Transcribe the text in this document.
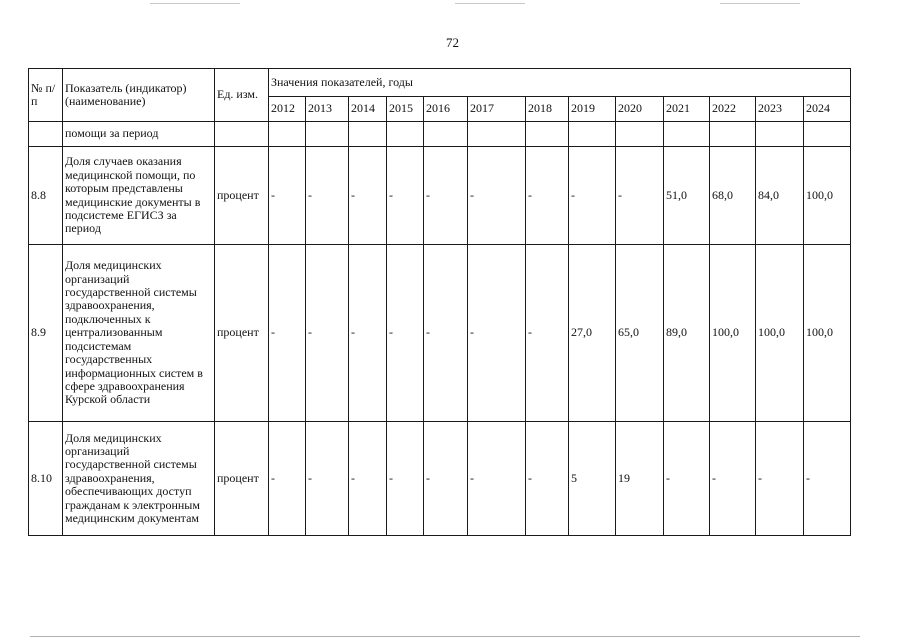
72
№ п/п	Показатель (индикатор) (наименование)	Ед. изм.	Значения показателей, годы												
			2012	2013	2014	2015	2016	2017	2018	2019	2020	2021	2022	2023	2024
	помощи за период														
8.8	Доля случаев оказания медицинской помощи, по которым представлены медицинские документы в подсистеме ЕГИСЗ за период	процент	-	-	-	-	-	-	-	-	-	51,0	68,0	84,0	100,0
8.9	Доля медицинских организаций государственной системы здравоохранения, подключенных к централизованным подсистемам государственных информационных систем в сфере здравоохранения Курской области	процент	-	-	-	-	-	-	-	27,0	65,0	89,0	100,0	100,0	100,0
8.10	Доля медицинских организаций государственной системы здравоохранения, обеспечивающих доступ гражданам к электронным медицинским документам	процент	-	-	-	-	-	-	-	5	19	-	-	-	-
